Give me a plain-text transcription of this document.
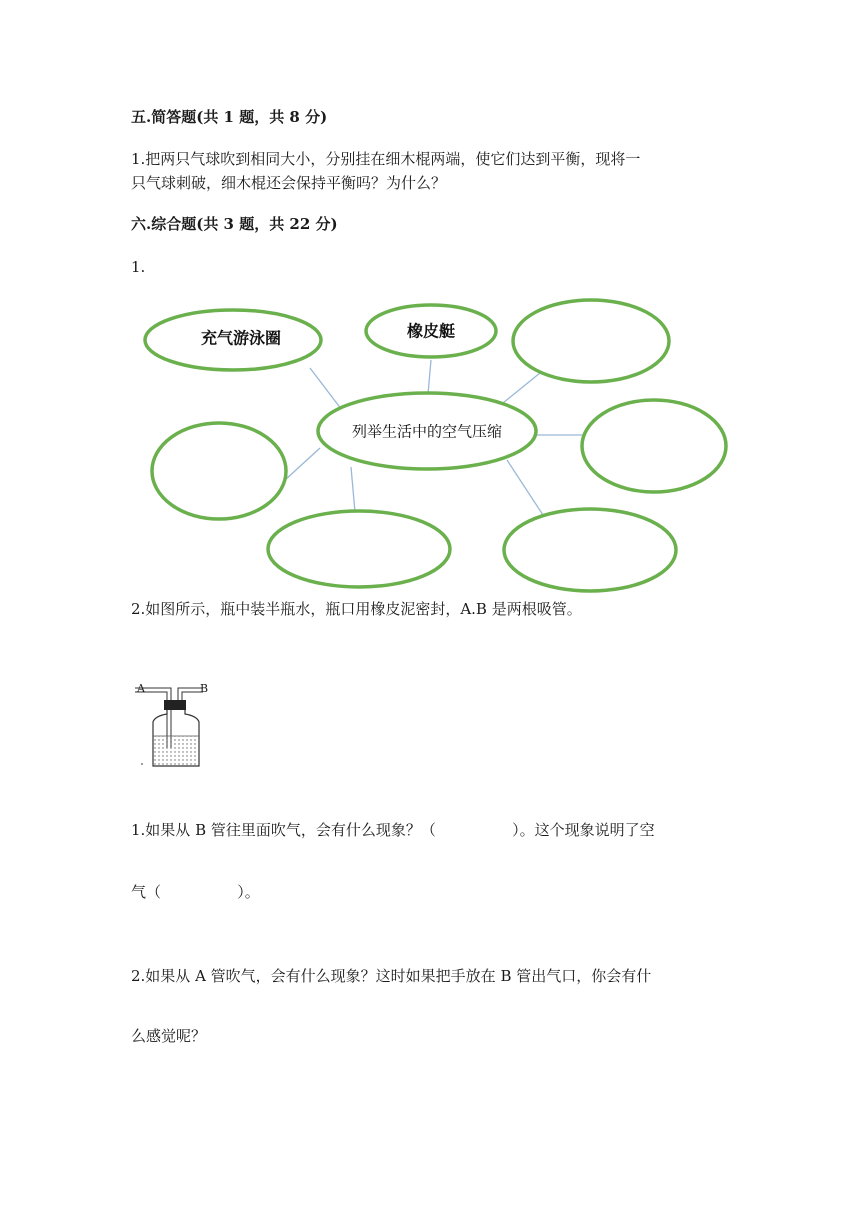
五.简答题(共 1 题，共 8 分)
1.把两只气球吹到相同大小，分别挂在细木棍两端，使它们达到平衡，现将一
只气球刺破，细木棍还会保持平衡吗？为什么？
六.综合题(共 3 题，共 22 分)
1.
充气游泳圈	橡皮艇
列举生活中的空气压缩
2.如图所示，瓶中装半瓶水，瓶口用橡皮泥密封，A.B 是两根吸管。
A	B
1.如果从 B 管往里面吹气，会有什么现象？（                ）。这个现象说明了空
气（                ）。
2.如果从 A 管吹气，会有什么现象？这时如果把手放在 B 管出气口，你会有什
么感觉呢？
